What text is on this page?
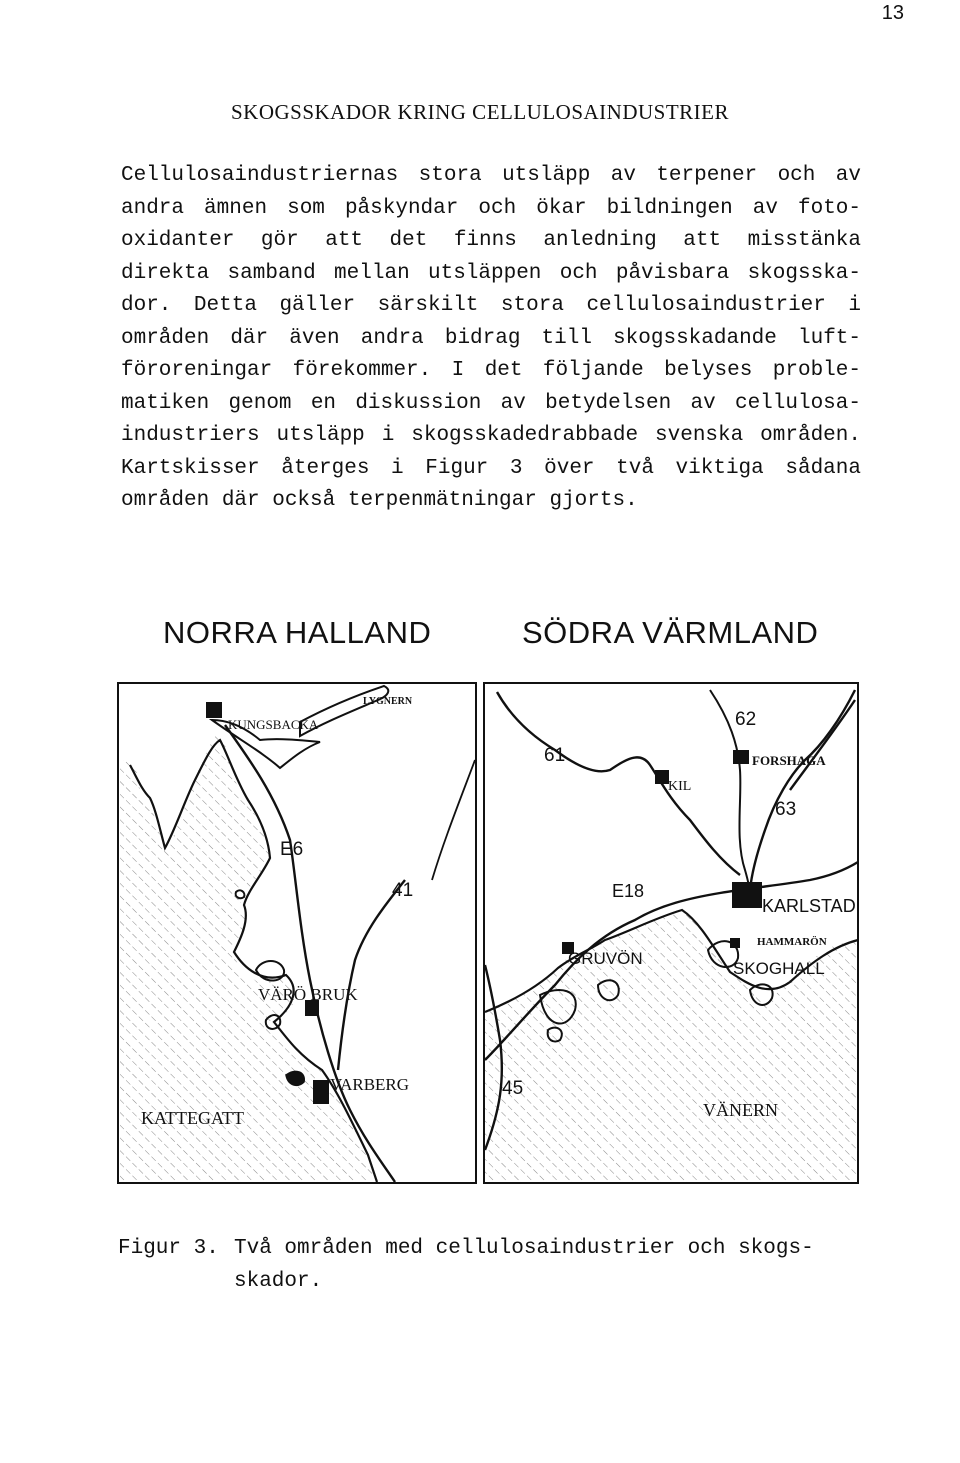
13
SKOGSSKADOR KRING CELLULOSAINDUSTRIER
Cellulosaindustriernas stora utsläpp av terpener och av
andra ämnen som påskyndar och ökar bildningen av foto-
oxidanter gör att det finns anledning att misstänka
direkta samband mellan utsläppen och påvisbara skogsska-
dor. Detta gäller särskilt stora cellulosaindustrier i
områden där även andra bidrag till skogsskadande luft-
föroreningar förekommer. I det följande belyses proble-
matiken genom en diskussion av betydelsen av cellulosa-
industriers utsläpp i skogsskadedrabbade svenska områden.
Kartskisser återges i Figur 3 över två viktiga sådana
områden där också terpenmätningar gjorts.
NORRA HALLAND	SÖDRA VÄRMLAND
LYGNERN
KUNGSBACKA
E6
41
VÄRÖ BRUK
VARBERG
KATTEGATT
62
61	FORSHAGA
KIL
63
E18
KARLSTAD
HAMMARÖN
GRUVÖN
SKOGHALL
45
VÄNERN
Figur 3. Två områden med cellulosaindustrier och skogs-
skador.
